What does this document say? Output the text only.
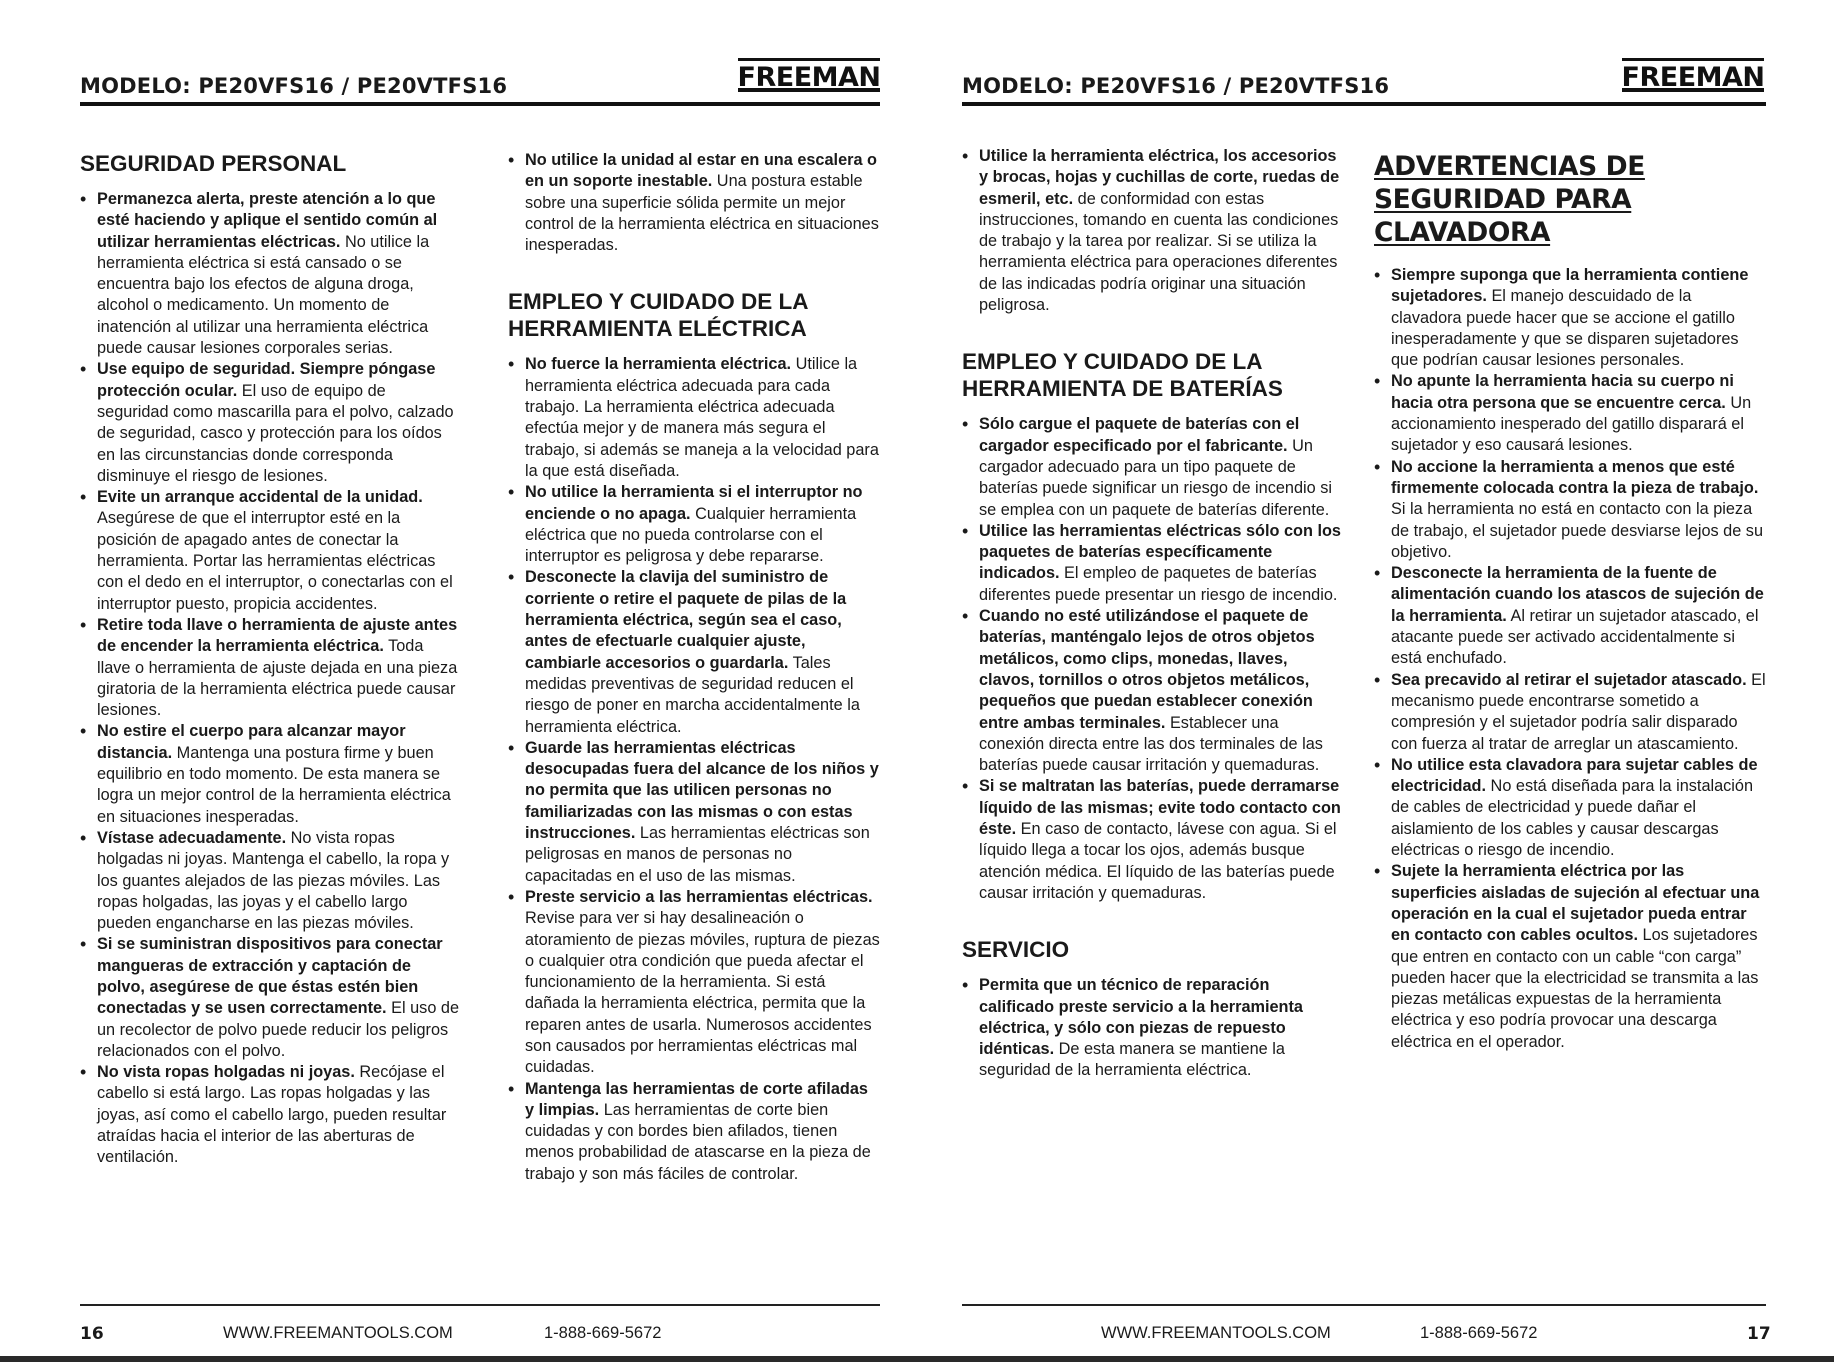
MODELO: PE20VFS16 / PE20VTFS16	FREEMAN
SEGURIDAD PERSONAL
• Permanezca alerta, preste atención a lo que esté haciendo y aplique el sentido común al utilizar herramientas eléctricas. No utilice la herramienta eléctrica si está cansado o se encuentra bajo los efectos de alguna droga, alcohol o medicamento. Un momento de inatención al utilizar una herramienta eléctrica puede causar lesiones corporales serias.
• Use equipo de seguridad. Siempre póngase protección ocular. El uso de equipo de seguridad como mascarilla para el polvo, calzado de seguridad, casco y protección para los oídos en las circunstancias donde corresponda disminuye el riesgo de lesiones.
• Evite un arranque accidental de la unidad. Asegúrese de que el interruptor esté en la posición de apagado antes de conectar la herramienta. Portar las herramientas eléctricas con el dedo en el interruptor, o conectarlas con el interruptor puesto, propicia accidentes.
• Retire toda llave o herramienta de ajuste antes de encender la herramienta eléctrica. Toda llave o herramienta de ajuste dejada en una pieza giratoria de la herramienta eléctrica puede causar lesiones.
• No estire el cuerpo para alcanzar mayor distancia. Mantenga una postura firme y buen equilibrio en todo momento. De esta manera se logra un mejor control de la herramienta eléctrica en situaciones inesperadas.
• Vístase adecuadamente. No vista ropas holgadas ni joyas. Mantenga el cabello, la ropa y los guantes alejados de las piezas móviles. Las ropas holgadas, las joyas y el cabello largo pueden engancharse en las piezas móviles.
• Si se suministran dispositivos para conectar mangueras de extracción y captación de polvo, asegúrese de que éstas estén bien conectadas y se usen correctamente. El uso de un recolector de polvo puede reducir los peligros relacionados con el polvo.
• No vista ropas holgadas ni joyas. Recójase el cabello si está largo. Las ropas holgadas y las joyas, así como el cabello largo, pueden resultar atraídas hacia el interior de las aberturas de ventilación.
• No utilice la unidad al estar en una escalera o en un soporte inestable. Una postura estable sobre una superficie sólida permite un mejor control de la herramienta eléctrica en situaciones inesperadas.
EMPLEO Y CUIDADO DE LA HERRAMIENTA ELÉCTRICA
• No fuerce la herramienta eléctrica. Utilice la herramienta eléctrica adecuada para cada trabajo. La herramienta eléctrica adecuada efectúa mejor y de manera más segura el trabajo, si además se maneja a la velocidad para la que está diseñada.
• No utilice la herramienta si el interruptor no enciende o no apaga. Cualquier herramienta eléctrica que no pueda controlarse con el interruptor es peligrosa y debe repararse.
• Desconecte la clavija del suministro de corriente o retire el paquete de pilas de la herramienta eléctrica, según sea el caso, antes de efectuarle cualquier ajuste, cambiarle accesorios o guardarla. Tales medidas preventivas de seguridad reducen el riesgo de poner en marcha accidentalmente la herramienta eléctrica.
• Guarde las herramientas eléctricas desocupadas fuera del alcance de los niños y no permita que las utilicen personas no familiarizadas con las mismas o con estas instrucciones. Las herramientas eléctricas son peligrosas en manos de personas no capacitadas en el uso de las mismas.
• Preste servicio a las herramientas eléctricas. Revise para ver si hay desalineación o atoramiento de piezas móviles, ruptura de piezas o cualquier otra condición que pueda afectar el funcionamiento de la herramienta. Si está dañada la herramienta eléctrica, permita que la reparen antes de usarla. Numerosos accidentes son causados por herramientas eléctricas mal cuidadas.
• Mantenga las herramientas de corte afiladas y limpias. Las herramientas de corte bien cuidadas y con bordes bien afilados, tienen menos probabilidad de atascarse en la pieza de trabajo y son más fáciles de controlar.
16	WWW.FREEMANTOOLS.COM	1-888-669-5672
MODELO: PE20VFS16 / PE20VTFS16	FREEMAN
• Utilice la herramienta eléctrica, los accesorios y brocas, hojas y cuchillas de corte, ruedas de esmeril, etc. de conformidad con estas instrucciones, tomando en cuenta las condiciones de trabajo y la tarea por realizar. Si se utiliza la herramienta eléctrica para operaciones diferentes de las indicadas podría originar una situación peligrosa.
EMPLEO Y CUIDADO DE LA HERRAMIENTA DE BATERÍAS
• Sólo cargue el paquete de baterías con el cargador especificado por el fabricante. Un cargador adecuado para un tipo paquete de baterías puede significar un riesgo de incendio si se emplea con un paquete de baterías diferente.
• Utilice las herramientas eléctricas sólo con los paquetes de baterías específicamente indicados. El empleo de paquetes de baterías diferentes puede presentar un riesgo de incendio.
• Cuando no esté utilizándose el paquete de baterías, manténgalo lejos de otros objetos metálicos, como clips, monedas, llaves, clavos, tornillos o otros objetos metálicos, pequeños que puedan establecer conexión entre ambas terminales. Establecer una conexión directa entre las dos terminales de las baterías puede causar irritación y quemaduras.
• Si se maltratan las baterías, puede derramarse líquido de las mismas; evite todo contacto con éste. En caso de contacto, lávese con agua. Si el líquido llega a tocar los ojos, además busque atención médica. El líquido de las baterías puede causar irritación y quemaduras.
SERVICIO
• Permita que un técnico de reparación calificado preste servicio a la herramienta eléctrica, y sólo con piezas de repuesto idénticas. De esta manera se mantiene la seguridad de la herramienta eléctrica.
ADVERTENCIAS DE SEGURIDAD PARA CLAVADORA
• Siempre suponga que la herramienta contiene sujetadores. El manejo descuidado de la clavadora puede hacer que se accione el gatillo inesperadamente y que se disparen sujetadores que podrían causar lesiones personales.
• No apunte la herramienta hacia su cuerpo ni hacia otra persona que se encuentre cerca. Un accionamiento inesperado del gatillo disparará el sujetador y eso causará lesiones.
• No accione la herramienta a menos que esté firmemente colocada contra la pieza de trabajo. Si la herramienta no está en contacto con la pieza de trabajo, el sujetador puede desviarse lejos de su objetivo.
• Desconecte la herramienta de la fuente de alimentación cuando los atascos de sujeción de la herramienta. Al retirar un sujetador atascado, el atacante puede ser activado accidentalmente si está enchufado.
• Sea precavido al retirar el sujetador atascado. El mecanismo puede encontrarse sometido a compresión y el sujetador podría salir disparado con fuerza al tratar de arreglar un atascamiento.
• No utilice esta clavadora para sujetar cables de electricidad. No está diseñada para la instalación de cables de electricidad y puede dañar el aislamiento de los cables y causar descargas eléctricas o riesgo de incendio.
• Sujete la herramienta eléctrica por las superficies aisladas de sujeción al efectuar una operación en la cual el sujetador pueda entrar en contacto con cables ocultos. Los sujetadores que entren en contacto con un cable “con carga” pueden hacer que la electricidad se transmita a las piezas metálicas expuestas de la herramienta eléctrica y eso podría provocar una descarga eléctrica en el operador.
WWW.FREEMANTOOLS.COM	1-888-669-5672	17
